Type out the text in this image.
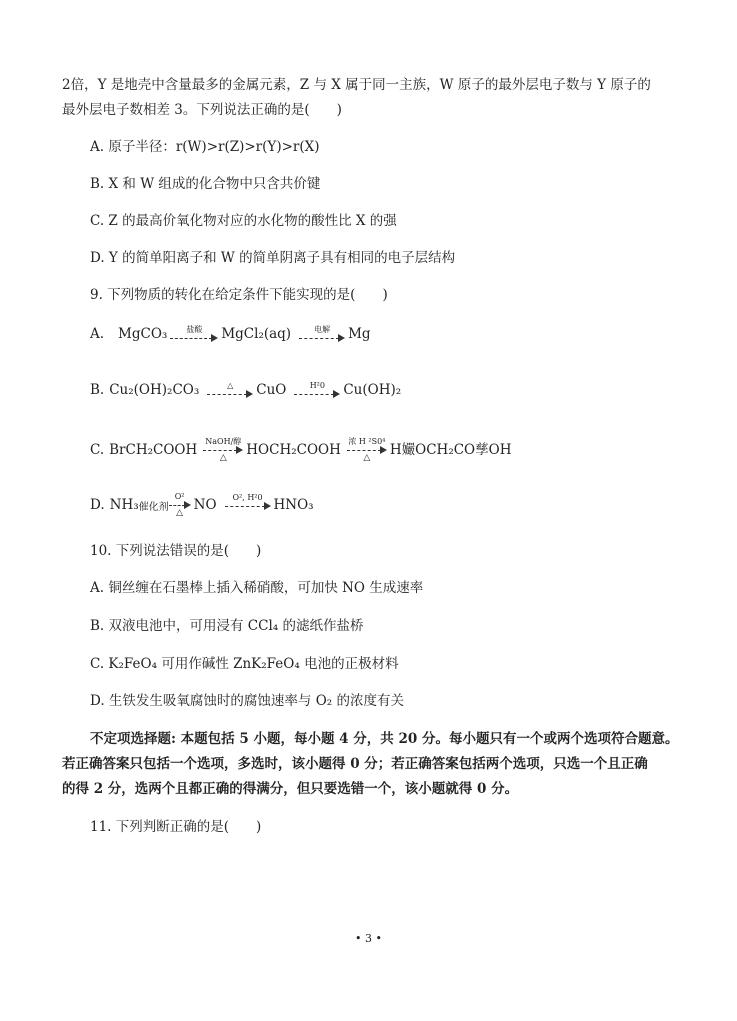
2倍，Y 是地壳中含量最多的金属元素，Z 与 X 属于同一主族，W 原子的最外层电子数与 Y 原子的
最外层电子数相差 3。下列说法正确的是(　　)
A. 原子半径：r(W)>r(Z)>r(Y)>r(X)
B. X 和 W 组成的化合物中只含共价键
C. Z 的最高价氧化物对应的水化物的酸性比 X 的强
D. Y 的简单阳离子和 W 的简单阴离子具有相同的电子层结构
9. 下列物质的转化在给定条件下能实现的是(　　)
A. MgCO₃ 盐酸 MgCl₂(aq)	电解 Mg
B. Cu₂(OH)₂CO₃	△ CuO	H²0 Cu(OH)₂
C. BrCH₂COOH
NaOH/醇
△ HOCH₂COOH
浓 H ²S0⁴
△ H孍OCH₂CO孳OH
D. NH₃ 催化剂
O²
△ NO O², H²0 HNO₃
10. 下列说法错误的是(　　)
A. 铜丝缠在石墨棒上插入稀硝酸，可加快 NO 生成速率
B. 双液电池中，可用浸有 CCl₄ 的滤纸作盐桥
C. K₂FeO₄ 可用作碱性 ZnK₂FeO₄ 电池的正极材料
D. 生铁发生吸氧腐蚀时的腐蚀速率与 O₂ 的浓度有关
不定项选择题: 本题包括 5 小题，每小题 4 分，共 20 分。每小题只有一个或两个选项符合题意。
若正确答案只包括一个选项，多选时，该小题得 0 分；若正确答案包括两个选项，只选一个且正确
的得 2 分，选两个且都正确的得满分，但只要选错一个，该小题就得 0 分。
11. 下列判断正确的是(　　)
• 3 •
